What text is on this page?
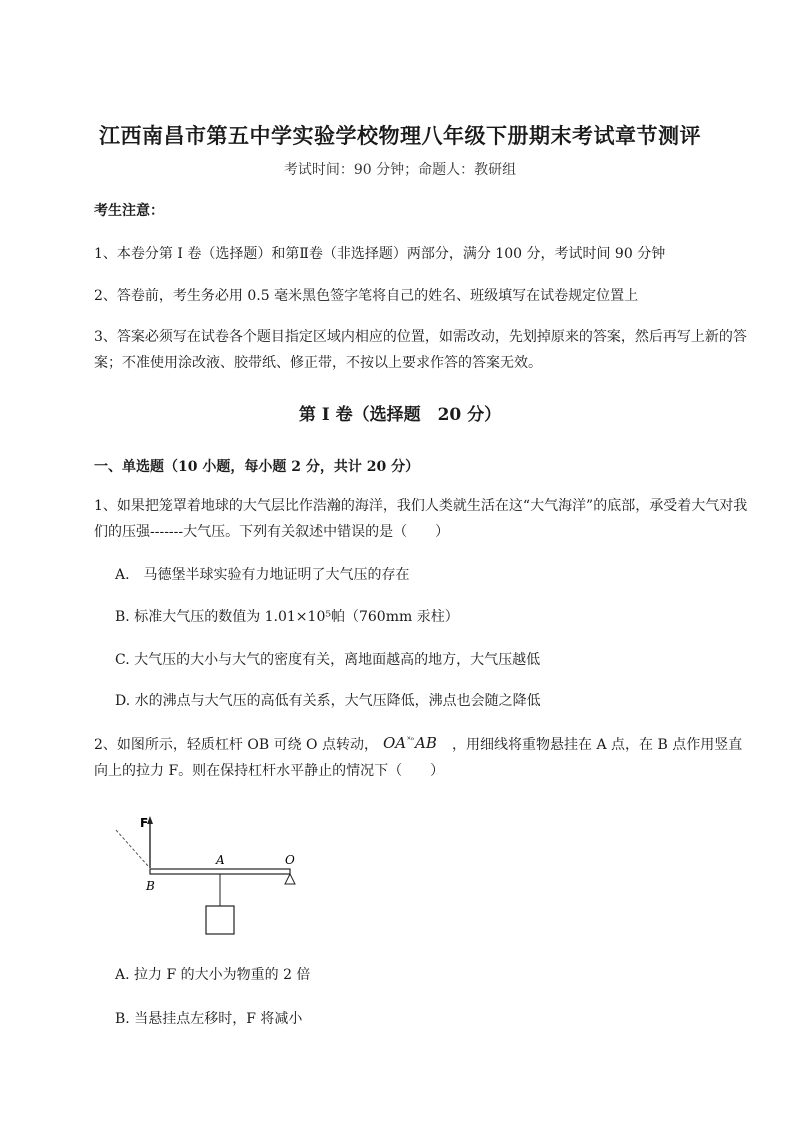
江西南昌市第五中学实验学校物理八年级下册期末考试章节测评
考试时间：90 分钟；命题人：教研组
考生注意：
1、本卷分第 I 卷（选择题）和第Ⅱ卷（非选择题）两部分，满分 100 分，考试时间 90 分钟
2、答卷前，考生务必用 0.5 毫米黑色签字笔将自己的姓名、班级填写在试卷规定位置上
3、答案必须写在试卷各个题目指定区域内相应的位置，如需改动，先划掉原来的答案，然后再写上新的答案；不准使用涂改液、胶带纸、修正带，不按以上要求作答的答案无效。
第 I 卷（选择题　20 分）
一、单选题（10 小题，每小题 2 分，共计 20 分）
1、如果把笼罩着地球的大气层比作浩瀚的海洋，我们人类就生活在这“大气海洋”的底部，承受着大气对我们的压强-------大气压。下列有关叙述中错误的是（　　）
A.　马德堡半球实验有力地证明了大气压的存在
B. 标准大气压的数值为 1.01×10⁵帕（760mm 汞柱）
C. 大气压的大小与大气的密度有关，离地面越高的地方，大气压越低
D. 水的沸点与大气压的高低有关系，大气压降低，沸点也会随之降低
2、如图所示，轻质杠杆 OB 可绕 O 点转动， $OA^{˟ᵒ}AB$ ，用细线将重物悬挂在 A 点，在 B 点作用竖直
向上的拉力 F。则在保持杠杆水平静止的情况下（　　）
F
O
A
B
A. 拉力 F 的大小为物重的 2 倍
B. 当悬挂点左移时，F 将减小
